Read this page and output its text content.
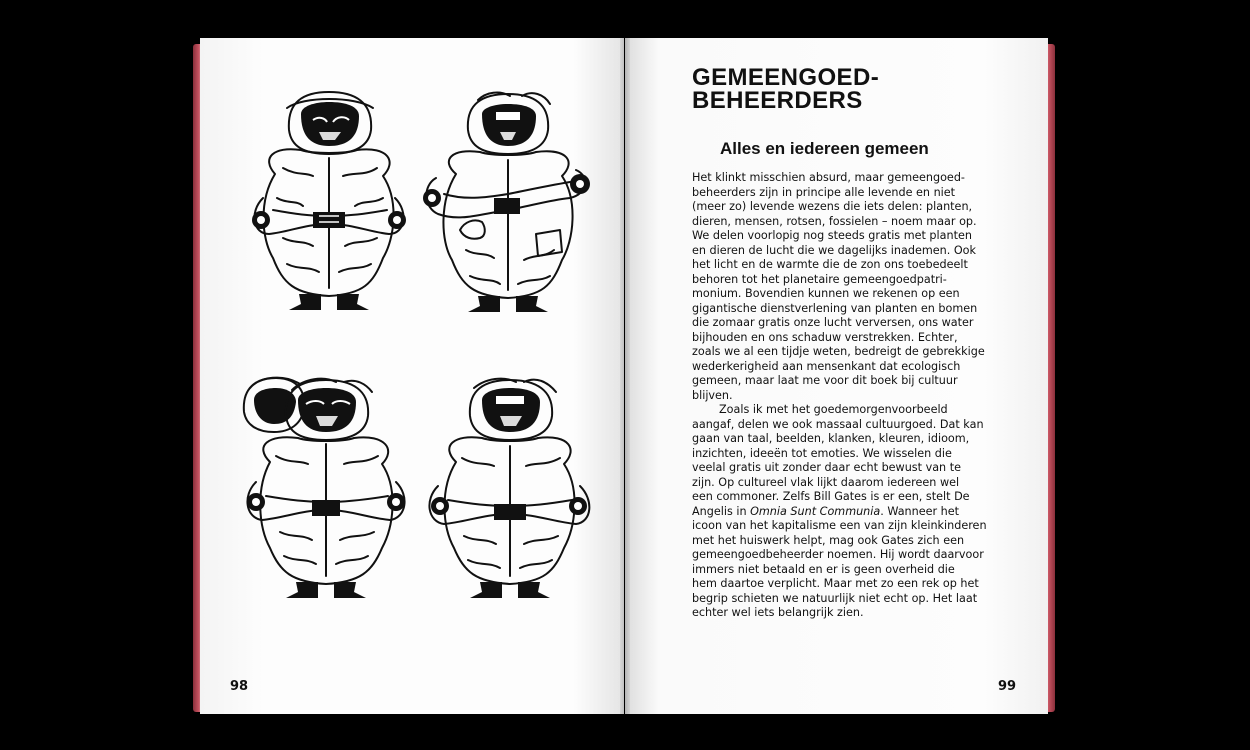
98	99
GEMEENGOED-
BEHEERDERS
Alles en iedereen gemeen

Het klinkt misschien absurd, maar gemeengoed-
beheerders zijn in principe alle levende en niet
(meer zo) levende wezens die iets delen: planten,
dieren, mensen, rotsen, fossielen – noem maar op.
We delen voorlopig nog steeds gratis met planten
en dieren de lucht die we dagelijks inademen. Ook
het licht en de warmte die de zon ons toebedeelt
behoren tot het planetaire gemeengoedpatri-
monium. Bovendien kunnen we rekenen op een
gigantische dienstverlening van planten en bomen
die zomaar gratis onze lucht verversen, ons water
bijhouden en ons schaduw verstrekken. Echter,
zoals we al een tijdje weten, bedreigt de gebrekkige
wederkerigheid aan mensenkant dat ecologisch
gemeen, maar laat me voor dit boek bij cultuur
blijven.

Zoals ik met het goedemorgenvoorbeeld
aangaf, delen we ook massaal cultuurgoed. Dat kan
gaan van taal, beelden, klanken, kleuren, idioom,
inzichten, ideeën tot emoties. We wisselen die
veelal gratis uit zonder daar echt bewust van te
zijn. Op cultureel vlak lijkt daarom iedereen wel
een commoner. Zelfs Bill Gates is er een, stelt De
Angelis in Omnia Sunt Communia. Wanneer het
icoon van het kapitalisme een van zijn kleinkinderen
met het huiswerk helpt, mag ook Gates zich een
gemeengoedbeheerder noemen. Hij wordt daarvoor
immers niet betaald en er is geen overheid die
hem daartoe verplicht. Maar met zo een rek op het
begrip schieten we natuurlijk niet echt op. Het laat
echter wel iets belangrijk zien.
